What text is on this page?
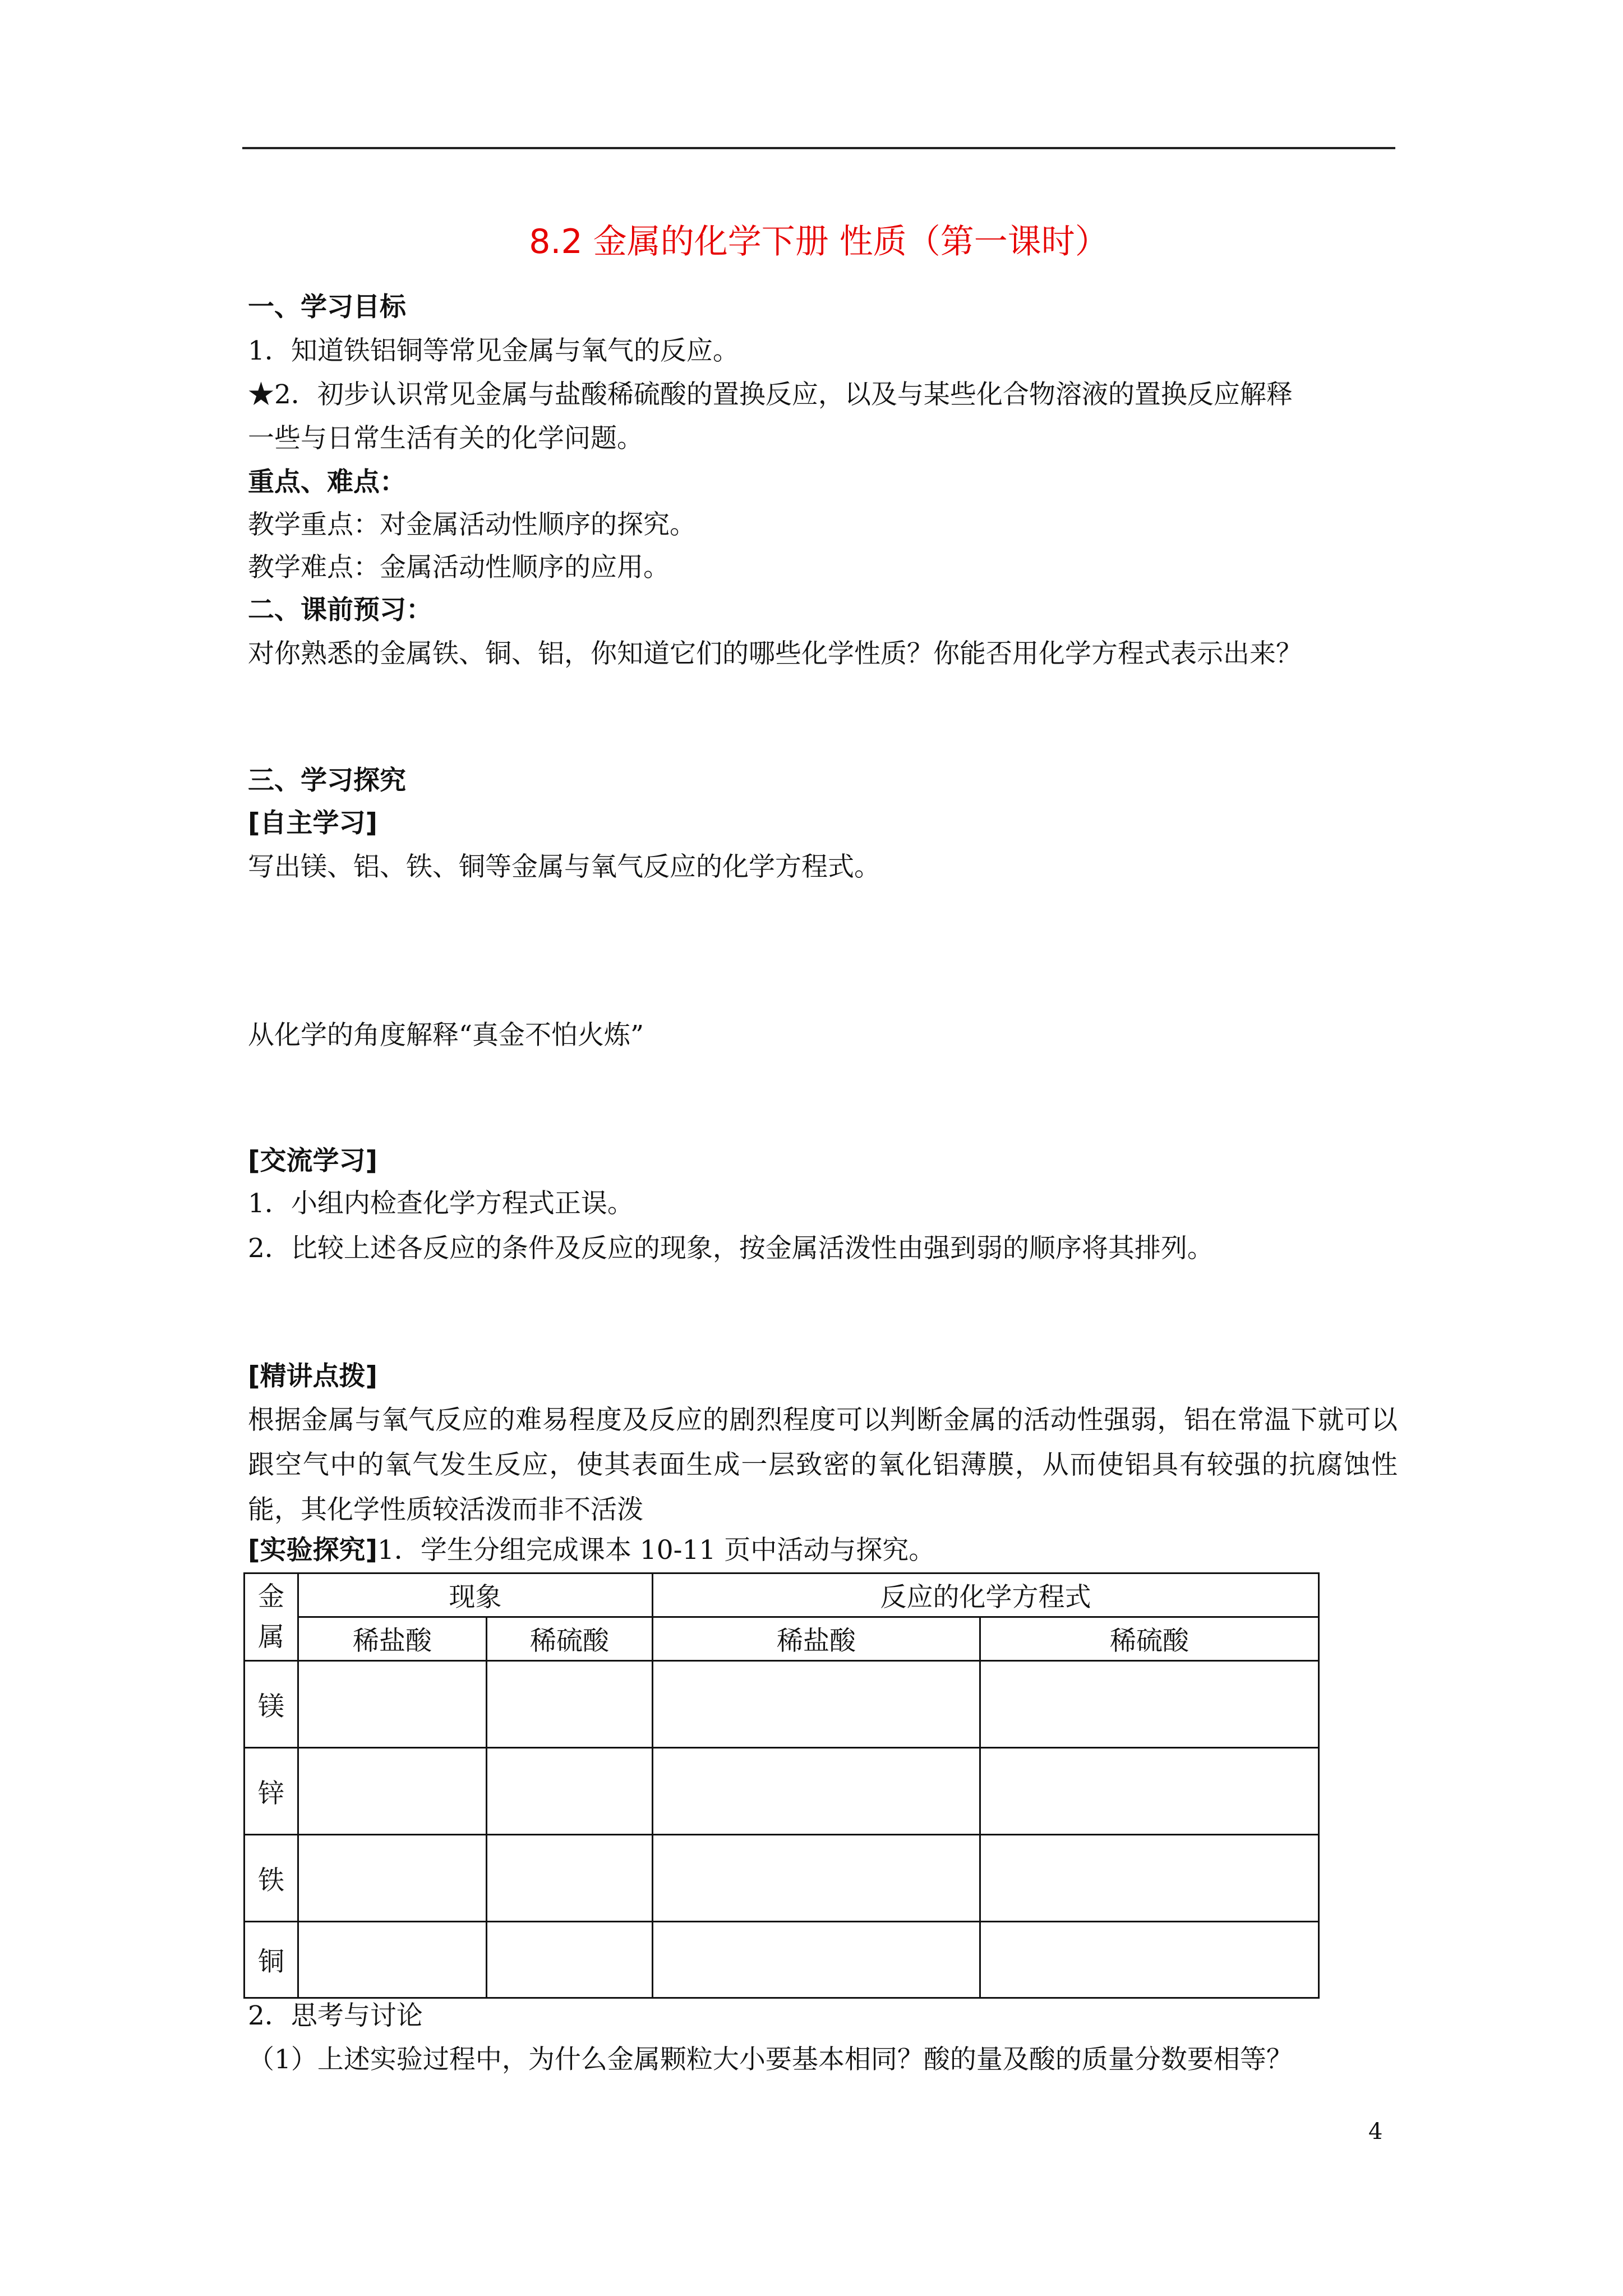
8.2 金属的化学下册 性质（第一课时）
一、学习目标
1．知道铁铝铜等常见金属与氧气的反应。
★2．初步认识常见金属与盐酸稀硫酸的置换反应，以及与某些化合物溶液的置换反应解释
一些与日常生活有关的化学问题。
重点、难点：
教学重点：对金属活动性顺序的探究。
教学难点：金属活动性顺序的应用。
二、课前预习：
对你熟悉的金属铁、铜、铝，你知道它们的哪些化学性质？你能否用化学方程式表示出来？
三、学习探究
[自主学习]
写出镁、铝、铁、铜等金属与氧气反应的化学方程式。
从化学的角度解释“真金不怕火炼”
[交流学习]
1．小组内检查化学方程式正误。
2．比较上述各反应的条件及反应的现象，按金属活泼性由强到弱的顺序将其排列。
[精讲点拨]
根据金属与氧气反应的难易程度及反应的剧烈程度可以判断金属的活动性强弱，铝在常温下就可以跟空气中的氧气发生反应，使其表面生成一层致密的氧化铝薄膜，从而使铝具有较强的抗腐蚀性能，其化学性质较活泼而非不活泼
[实验探究]1．学生分组完成课本 10-11 页中活动与探究。
金
属	现象		反应的化学方程式	
	稀盐酸	稀硫酸	稀盐酸	稀硫酸
镁				
锌				
铁				
铜				
2．思考与讨论
（1）上述实验过程中，为什么金属颗粒大小要基本相同？酸的量及酸的质量分数要相等？
4
